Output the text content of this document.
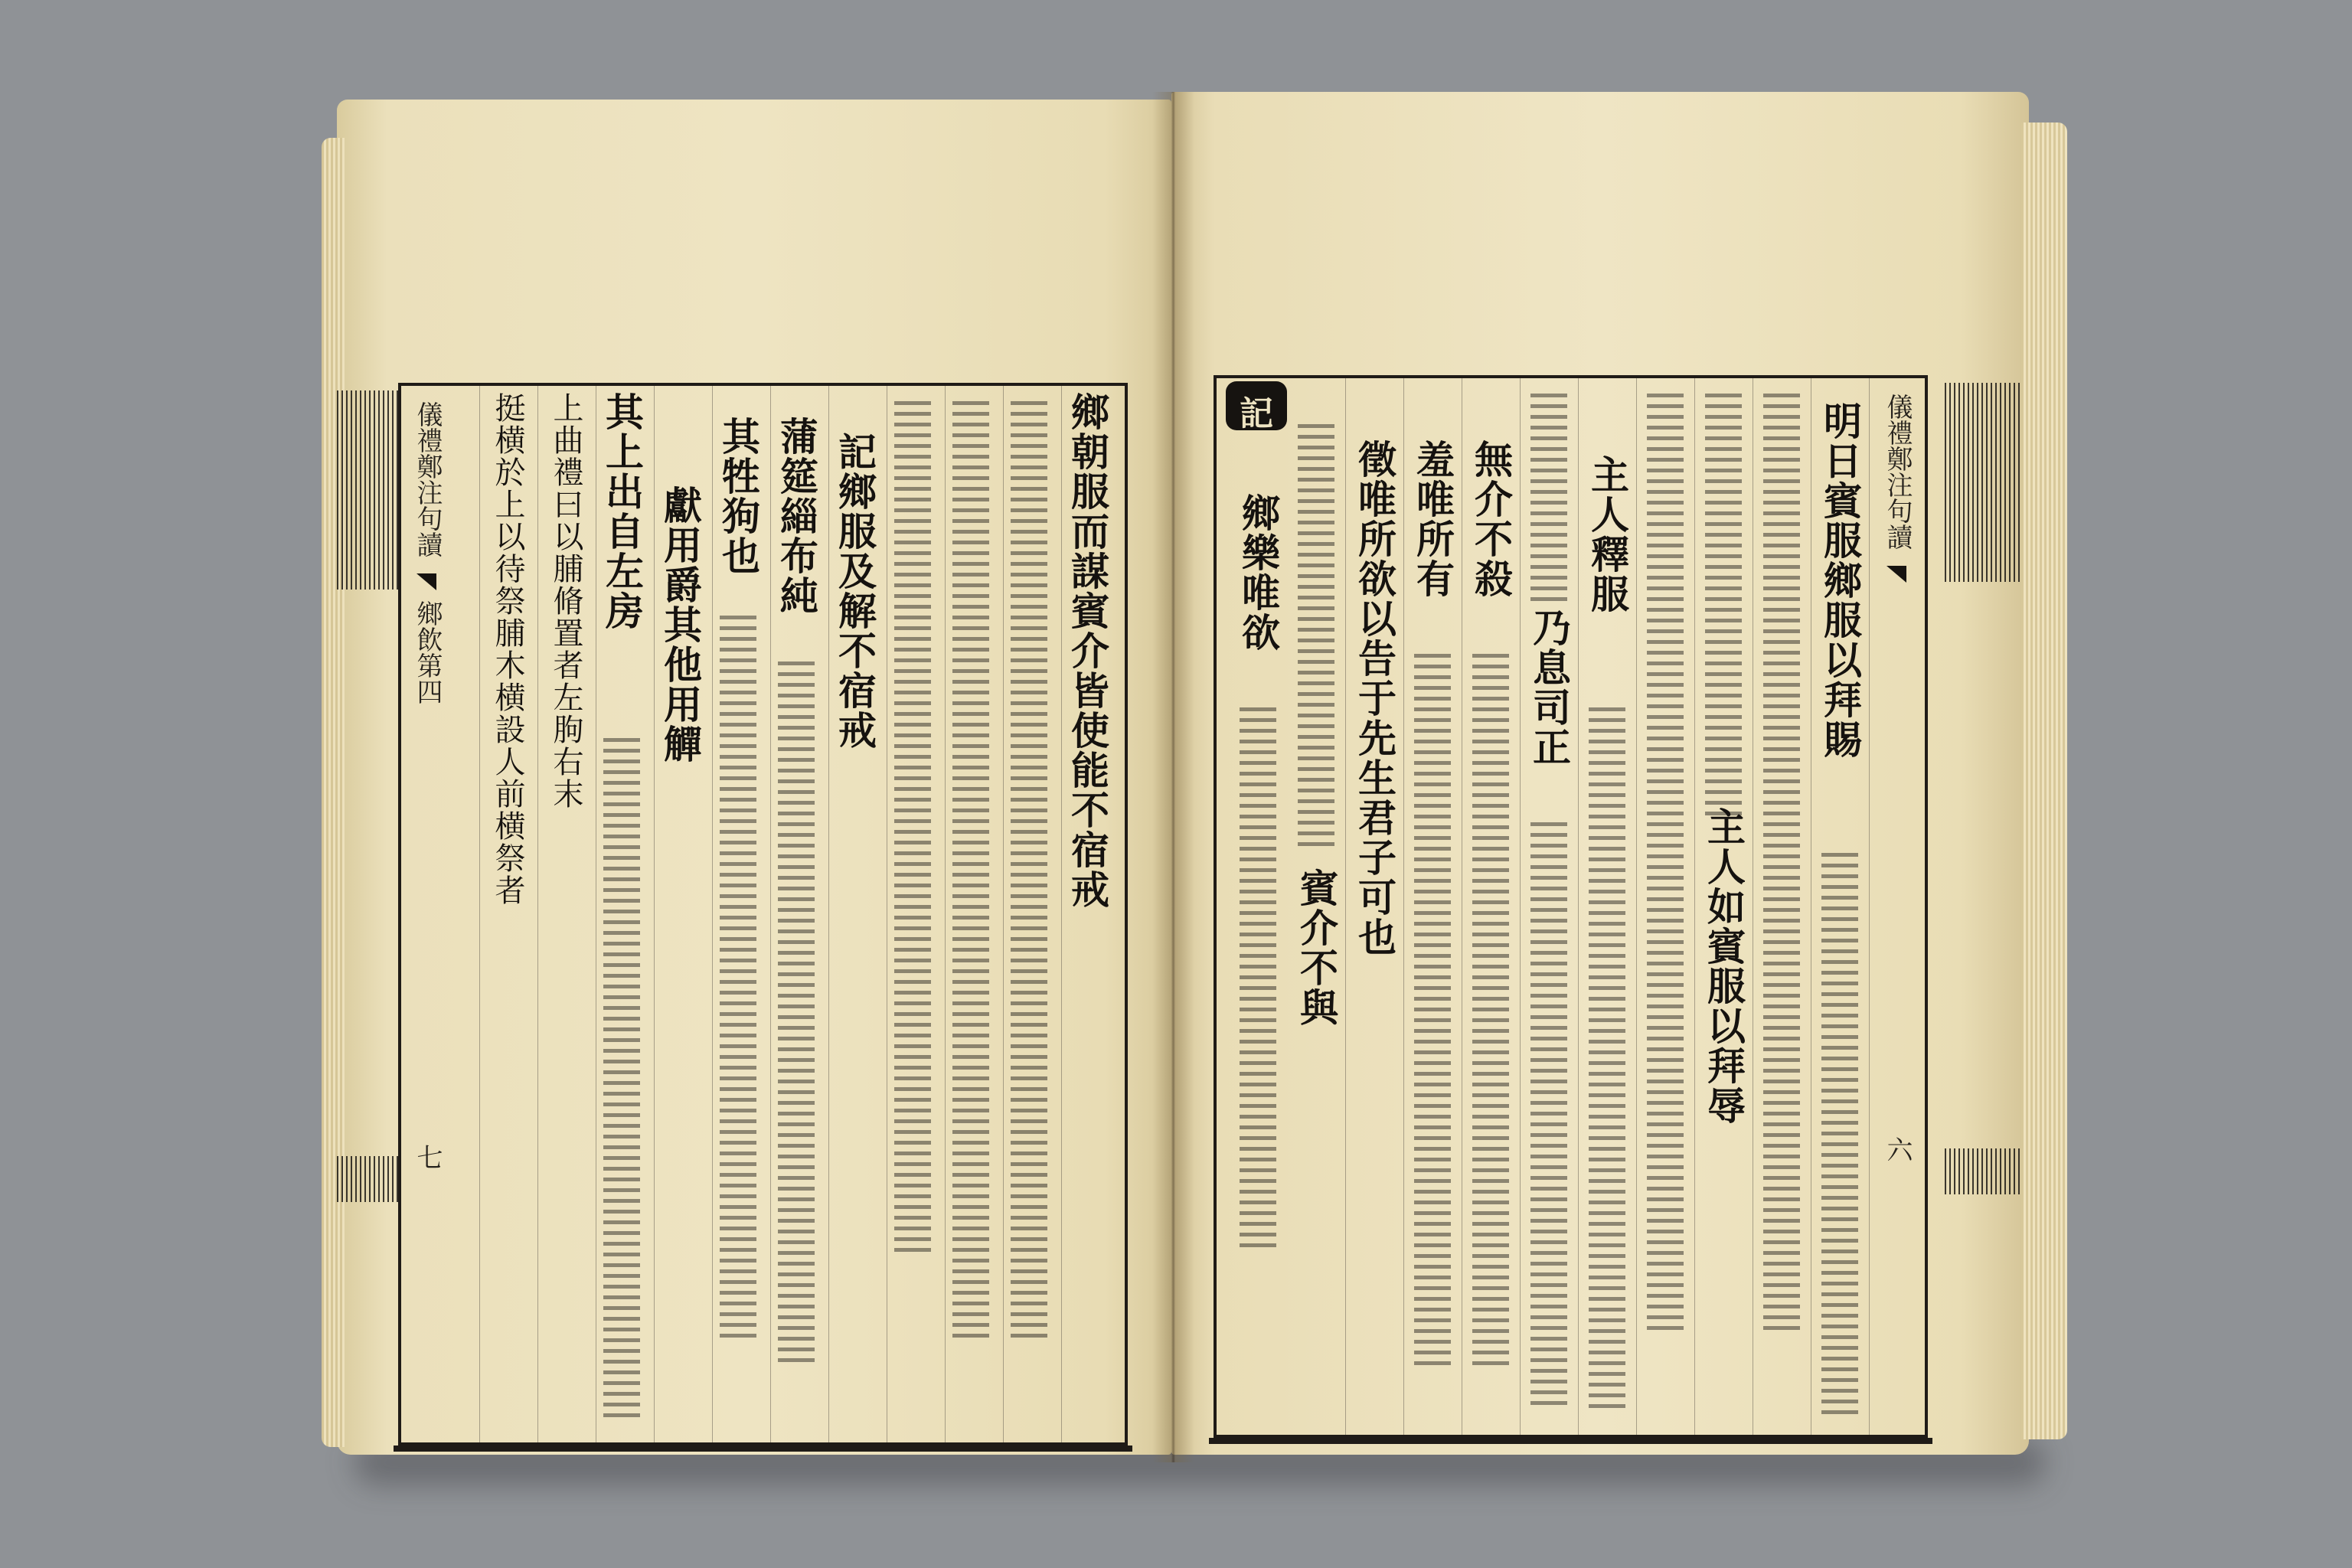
儀禮鄭注句讀
鄉飲第四
七
鄉朝服而謀賓介皆使能不宿戒
記鄉服及解不宿戒
蒲筵緇布純
其牲狗也
獻用爵其他用觶
其上出自左房
上曲禮曰以脯脩置者左朐右末
挺横於上以待祭脯木横設人前横祭者	儀禮鄭注句讀
六
明日賓服鄉服以拜賜
主人如賓服以拜辱
主人釋服
乃息司正
無介不殺
羞唯所有
徵唯所欲以告于先生君子可也
賓介不與
記
鄉樂唯欲
